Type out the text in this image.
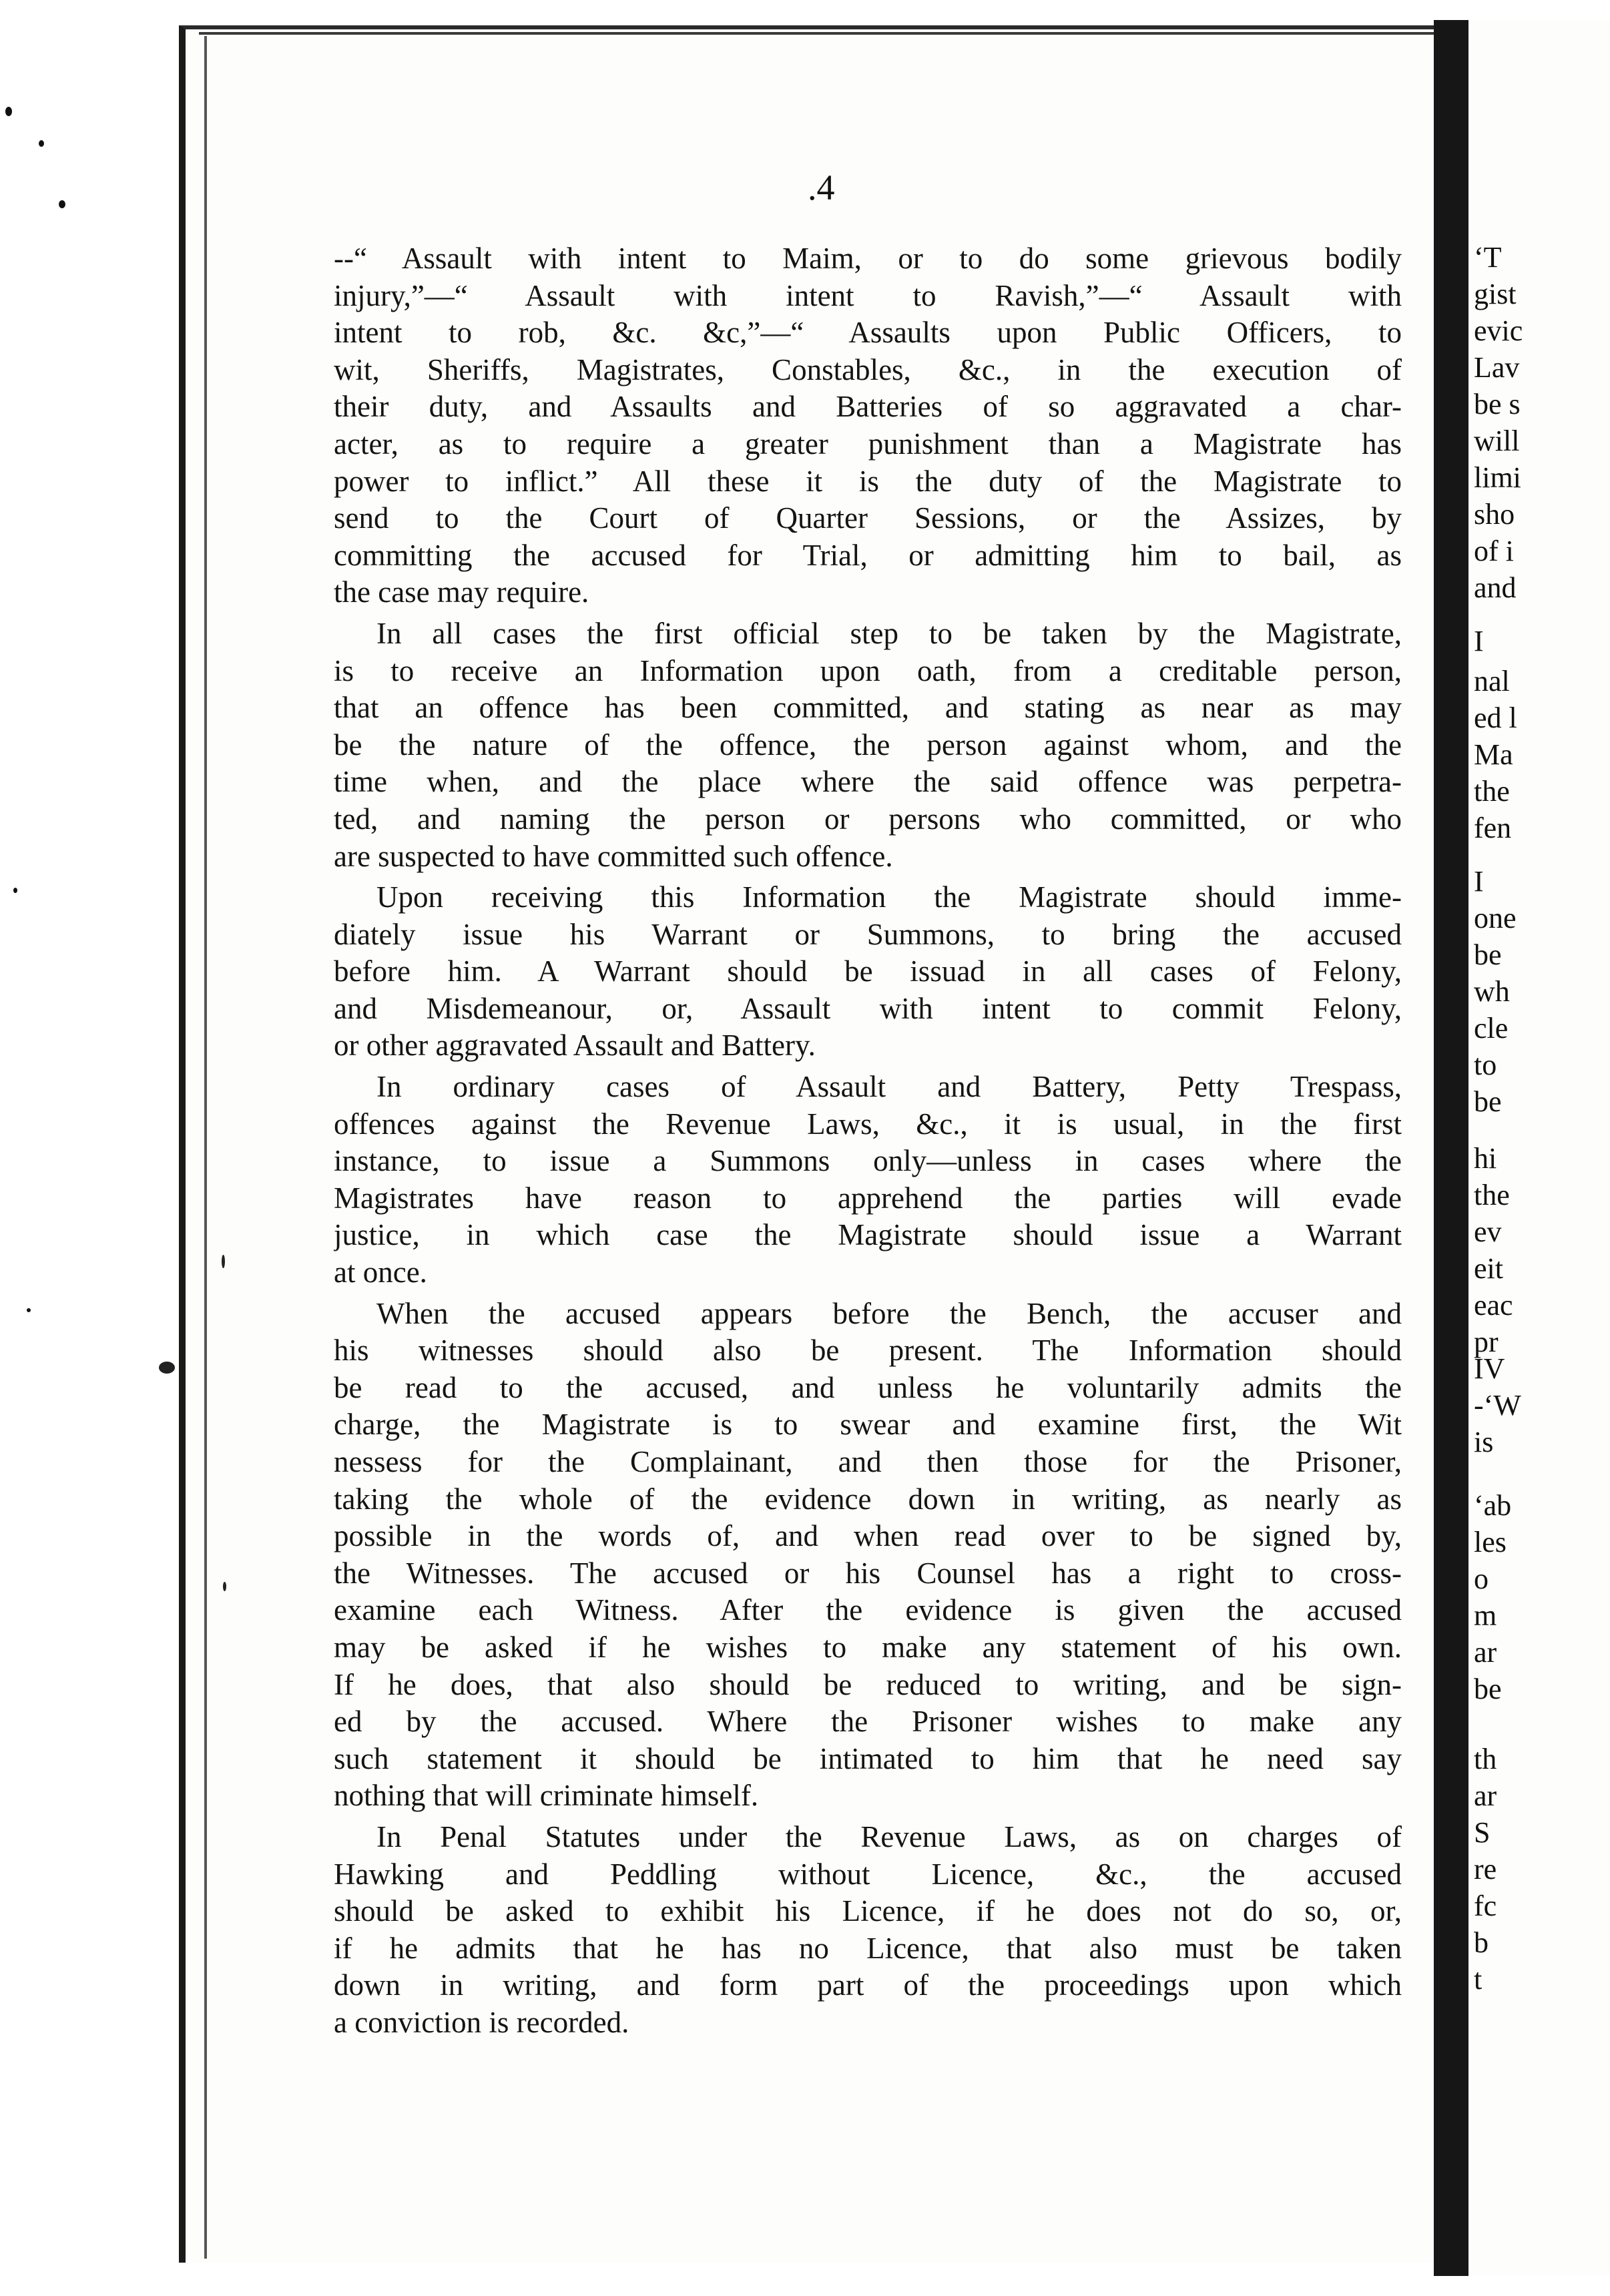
.4
--“ Assault with intent to Maim, or to do some grievous bodily
injury,”—“ Assault with intent to Ravish,”—“ Assault with
intent to rob, &c. &c,”—“ Assaults upon Public Officers, to
wit, Sheriffs, Magistrates, Constables, &c., in the execution of
their duty, and Assaults and Batteries of so aggravated a char-
acter, as to require a greater punishment than a Magistrate has
power to inflict.” All these it is the duty of the Magistrate to
send to the Court of Quarter Sessions, or the Assizes, by
committing the accused for Trial, or admitting him to bail, as
the case may require.
In all cases the first official step to be taken by the Magistrate,
is to receive an Information upon oath, from a creditable person,
that an offence has been committed, and stating as near as may
be the nature of the offence, the person against whom, and the
time when, and the place where the said offence was perpetra-
ted, and naming the person or persons who committed, or who
are suspected to have committed such offence.
Upon receiving this Information the Magistrate should imme-
diately issue his Warrant or Summons, to bring the accused
before him. A Warrant should be issuad in all cases of Felony,
and Misdemeanour, or, Assault with intent to commit Felony,
or other aggravated Assault and Battery.
In ordinary cases of Assault and Battery, Petty Trespass,
offences against the Revenue Laws, &c., it is usual, in the first
instance, to issue a Summons only—unless in cases where the
Magistrates have reason to apprehend the parties will evade
justice, in which case the Magistrate should issue a Warrant
at once.
When the accused appears before the Bench, the accuser and
his witnesses should also be present. The Information should
be read to the accused, and unless he voluntarily admits the
charge, the Magistrate is to swear and examine first, the Wit
nessess for the Complainant, and then those for the Prisoner,
taking the whole of the evidence down in writing, as nearly as
possible in the words of, and when read over to be signed by,
the Witnesses. The accused or his Counsel has a right to cross-
examine each Witness. After the evidence is given the accused
may be asked if he wishes to make any statement of his own.
If he does, that also should be reduced to writing, and be sign-
ed by the accused. Where the Prisoner wishes to make any
such statement it should be intimated to him that he need say
nothing that will criminate himself.
In Penal Statutes under the Revenue Laws, as on charges of
Hawking and Peddling without Licence, &c., the accused
should be asked to exhibit his Licence, if he does not do so, or,
if he admits that he has no Licence, that also must be taken
down in writing, and form part of the proceedings upon which
a conviction is recorded.
‘T
gist
evic
Lav
be s
will
limi
sho
of i
and
I
nal
ed l
Ma
the
fen
I
one
be
wh
cle
to
be
hi
the
ev
eit
eac
pr
IV
-‘W
is
‘ab
les
o
m
ar
be
th
ar
S
re
fc
b
t
